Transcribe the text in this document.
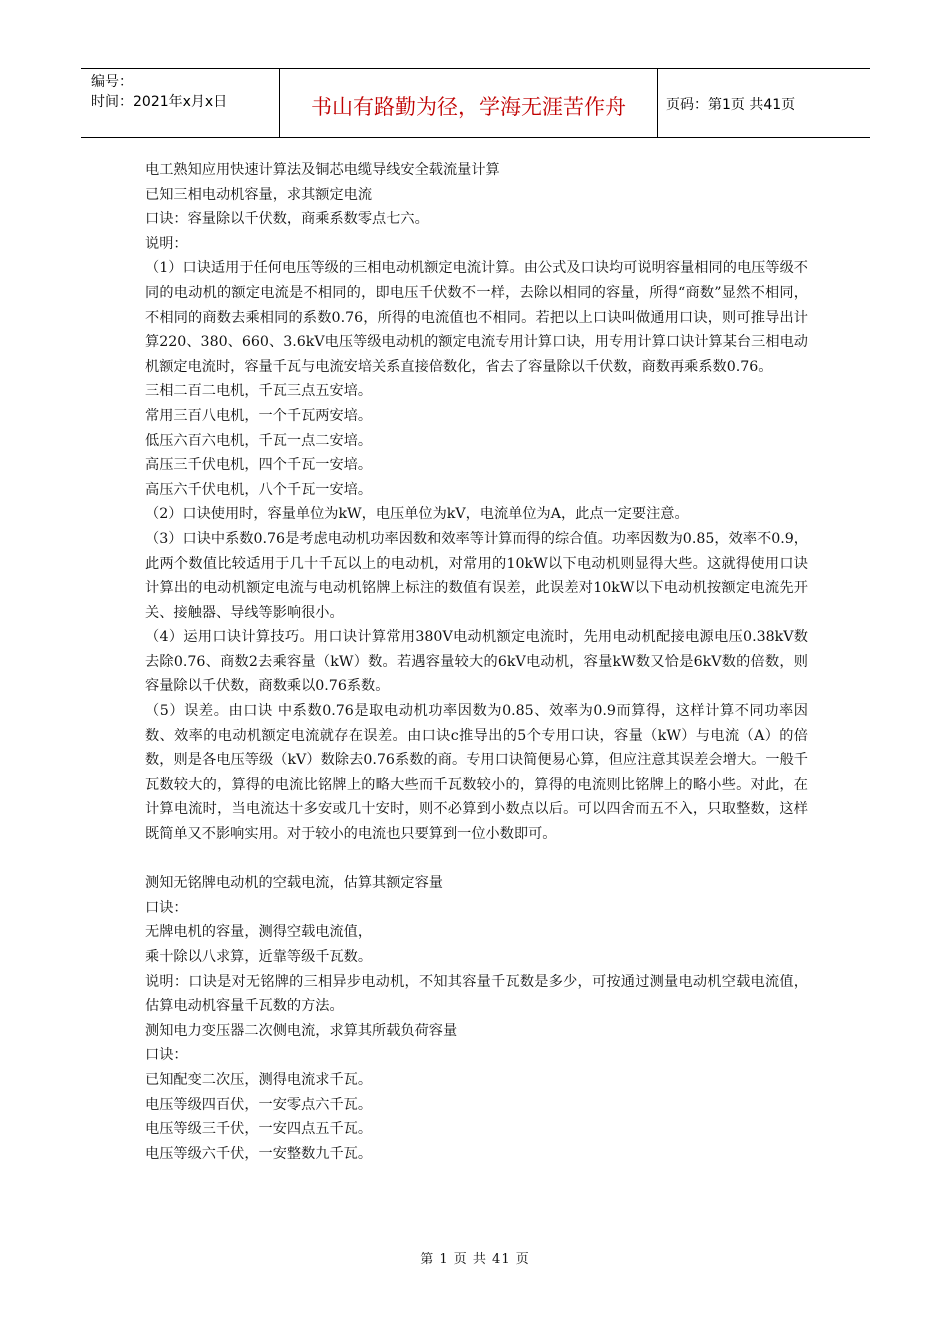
编号：
时间：2021年x月x日	书山有路勤为径，学海无涯苦作舟	页码：第1页 共41页

电工熟知应用快速计算法及铜芯电缆导线安全载流量计算

已知三相电动机容量，求其额定电流

口诀：容量除以千伏数，商乘系数零点七六。

说明：

（1）口诀适用于任何电压等级的三相电动机额定电流计算。由公式及口诀均可说明容量相同的电压等级不同的电动机的额定电流是不相同的，即电压千伏数不一样，去除以相同的容量，所得“商数”显然不相同，不相同的商数去乘相同的系数0.76，所得的电流值也不相同。若把以上口诀叫做通用口诀，则可推导出计算220、380、660、3.6kV电压等级电动机的额定电流专用计算口诀，用专用计算口诀计算某台三相电动机额定电流时，容量千瓦与电流安培关系直接倍数化，省去了容量除以千伏数，商数再乘系数0.76。

三相二百二电机，千瓦三点五安培。

常用三百八电机，一个千瓦两安培。

低压六百六电机，千瓦一点二安培。

高压三千伏电机，四个千瓦一安培。

高压六千伏电机，八个千瓦一安培。

（2）口诀使用时，容量单位为kW，电压单位为kV，电流单位为A，此点一定要注意。

（3）口诀中系数0.76是考虑电动机功率因数和效率等计算而得的综合值。功率因数为0.85，效率不0.9，此两个数值比较适用于几十千瓦以上的电动机，对常用的10kW以下电动机则显得大些。这就得使用口诀计算出的电动机额定电流与电动机铭牌上标注的数值有误差，此误差对10kW以下电动机按额定电流先开关、接触器、导线等影响很小。

（4）运用口诀计算技巧。用口诀计算常用380V电动机额定电流时，先用电动机配接电源电压0.38kV数去除0.76、商数2去乘容量（kW）数。若遇容量较大的6kV电动机，容量kW数又恰是6kV数的倍数，则容量除以千伏数，商数乘以0.76系数。

（5）误差。由口诀 中系数0.76是取电动机功率因数为0.85、效率为0.9而算得，这样计算不同功率因数、效率的电动机额定电流就存在误差。由口诀c推导出的5个专用口诀，容量（kW）与电流（A）的倍数，则是各电压等级（kV）数除去0.76系数的商。专用口诀简便易心算，但应注意其误差会增大。一般千瓦数较大的，算得的电流比铭牌上的略大些而千瓦数较小的，算得的电流则比铭牌上的略小些。对此，在计算电流时，当电流达十多安或几十安时，则不必算到小数点以后。可以四舍而五不入，只取整数，这样既简单又不影响实用。对于较小的电流也只要算到一位小数即可。

测知无铭牌电动机的空载电流，估算其额定容量

口诀：

无牌电机的容量，测得空载电流值，

乘十除以八求算，近靠等级千瓦数。

说明：口诀是对无铭牌的三相异步电动机，不知其容量千瓦数是多少，可按通过测量电动机空载电流值，估算电动机容量千瓦数的方法。

测知电力变压器二次侧电流，求算其所载负荷容量

口诀：

已知配变二次压，测得电流求千瓦。

电压等级四百伏，一安零点六千瓦。

电压等级三千伏，一安四点五千瓦。

电压等级六千伏，一安整数九千瓦。

第 1 页 共 41 页
